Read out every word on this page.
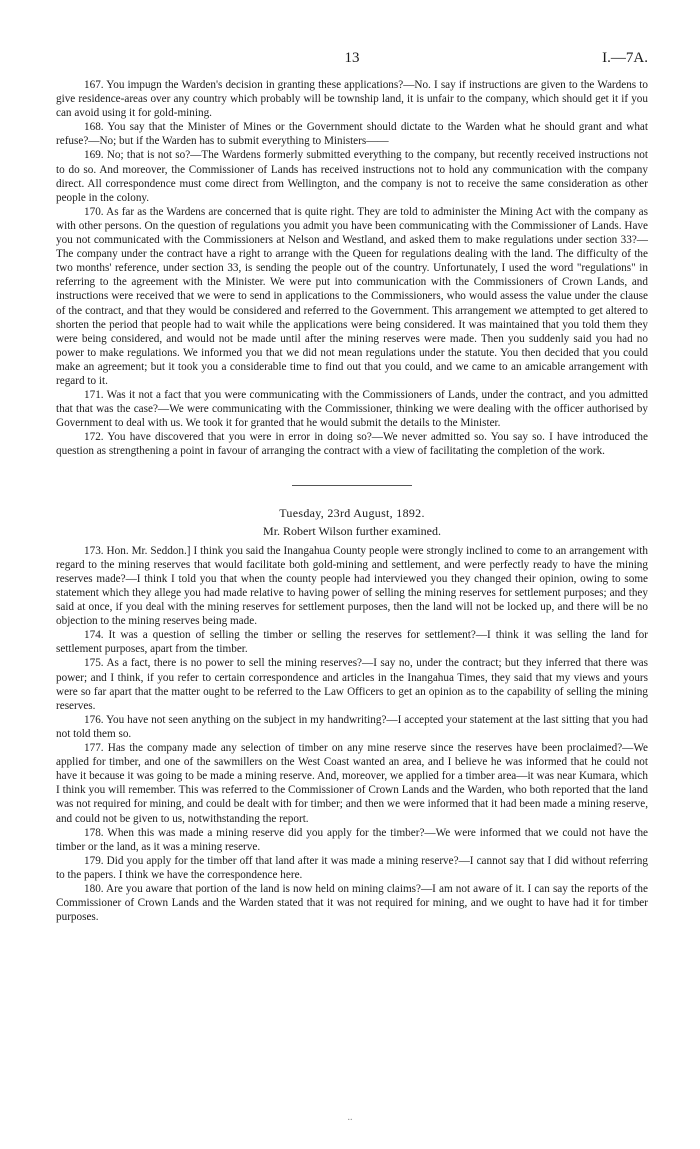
13	I.—7A.

167. You impugn the Warden's decision in granting these applications?—No. I say if instructions are given to the Wardens to give residence-areas over any country which probably will be township land, it is unfair to the company, which should get it if you can avoid using it for gold-mining.

168. You say that the Minister of Mines or the Government should dictate to the Warden what he should grant and what refuse?—No; but if the Warden has to submit everything to Ministers——

169. No; that is not so?—The Wardens formerly submitted everything to the company, but recently received instructions not to do so. And moreover, the Commissioner of Lands has received instructions not to hold any communication with the company direct. All correspondence must come direct from Wellington, and the company is not to receive the same consideration as other people in the colony.

170. As far as the Wardens are concerned that is quite right. They are told to administer the Mining Act with the company as with other persons. On the question of regulations you admit you have been communicating with the Commissioner of Lands. Have you not communicated with the Commissioners at Nelson and Westland, and asked them to make regulations under section 33?—The company under the contract have a right to arrange with the Queen for regulations dealing with the land. The difficulty of the two months' reference, under section 33, is sending the people out of the country. Unfortunately, I used the word "regulations" in referring to the agreement with the Minister. We were put into communication with the Commissioners of Crown Lands, and instructions were received that we were to send in applications to the Commissioners, who would assess the value under the clause of the contract, and that they would be considered and referred to the Government. This arrangement we attempted to get altered to shorten the period that people had to wait while the applications were being considered. It was maintained that you told them they were being considered, and would not be made until after the mining reserves were made. Then you suddenly said you had no power to make regulations. We informed you that we did not mean regulations under the statute. You then decided that you could make an agreement; but it took you a considerable time to find out that you could, and we came to an amicable arrangement with regard to it.

171. Was it not a fact that you were communicating with the Commissioners of Lands, under the contract, and you admitted that that was the case?—We were communicating with the Commissioner, thinking we were dealing with the officer authorised by Government to deal with us. We took it for granted that he would submit the details to the Minister.

172. You have discovered that you were in error in doing so?—We never admitted so. You say so. I have introduced the question as strengthening a point in favour of arranging the contract with a view of facilitating the completion of the work.

Tuesday, 23rd August, 1892.

Mr. Robert Wilson further examined.

173. Hon. Mr. Seddon.] I think you said the Inangahua County people were strongly inclined to come to an arrangement with regard to the mining reserves that would facilitate both gold-mining and settlement, and were perfectly ready to have the mining reserves made?—I think I told you that when the county people had interviewed you they changed their opinion, owing to some statement which they allege you had made relative to having power of selling the mining reserves for settlement purposes; and they said at once, if you deal with the mining reserves for settlement purposes, then the land will not be locked up, and there will be no objection to the mining reserves being made.

174. It was a question of selling the timber or selling the reserves for settlement?—I think it was selling the land for settlement purposes, apart from the timber.

175. As a fact, there is no power to sell the mining reserves?—I say no, under the contract; but they inferred that there was power; and I think, if you refer to certain correspondence and articles in the Inangahua Times, they said that my views and yours were so far apart that the matter ought to be referred to the Law Officers to get an opinion as to the capability of selling the mining reserves.

176. You have not seen anything on the subject in my handwriting?—I accepted your statement at the last sitting that you had not told them so.

177. Has the company made any selection of timber on any mine reserve since the reserves have been proclaimed?—We applied for timber, and one of the sawmillers on the West Coast wanted an area, and I believe he was informed that he could not have it because it was going to be made a mining reserve. And, moreover, we applied for a timber area—it was near Kumara, which I think you will remember. This was referred to the Commissioner of Crown Lands and the Warden, who both reported that the land was not required for mining, and could be dealt with for timber; and then we were informed that it had been made a mining reserve, and could not be given to us, notwithstanding the report.

178. When this was made a mining reserve did you apply for the timber?—We were informed that we could not have the timber or the land, as it was a mining reserve.

179. Did you apply for the timber off that land after it was made a mining reserve?—I cannot say that I did without referring to the papers. I think we have the correspondence here.

180. Are you aware that portion of the land is now held on mining claims?—I am not aware of it. I can say the reports of the Commissioner of Crown Lands and the Warden stated that it was not required for mining, and we ought to have had it for timber purposes.

..
